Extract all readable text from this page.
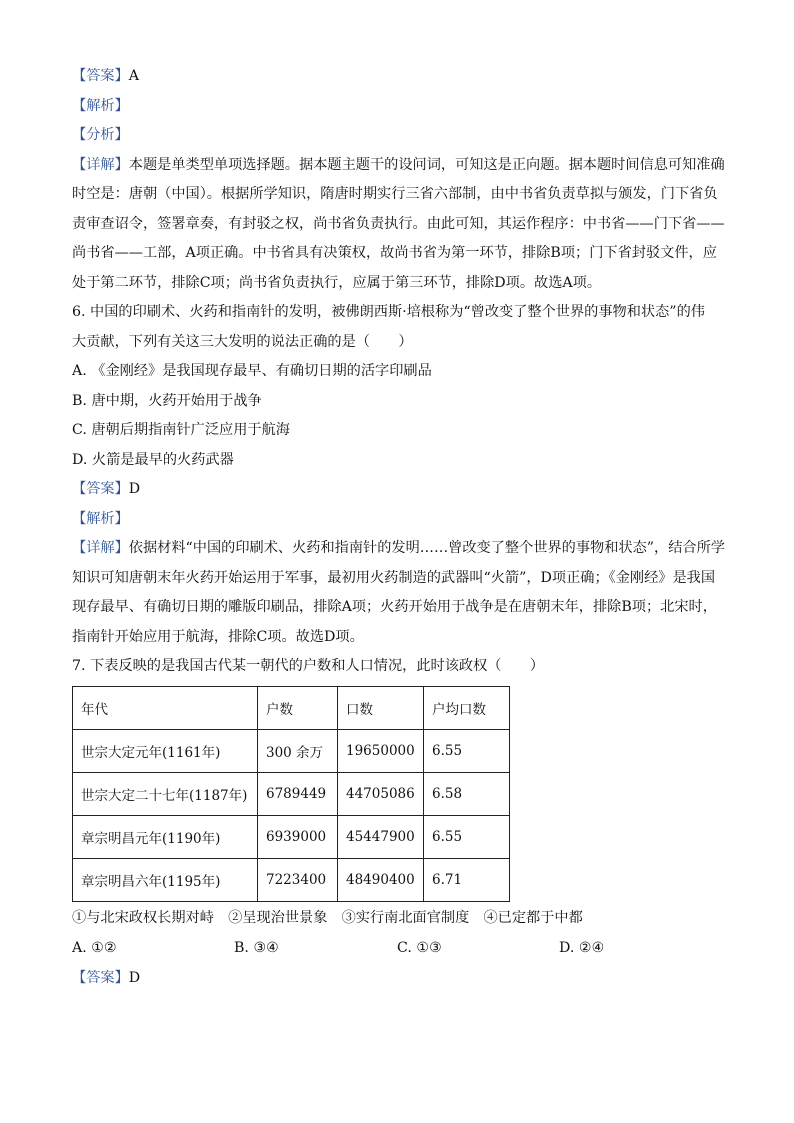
【答案】A
【解析】
【分析】
【详解】本题是单类型单项选择题。据本题主题干的设问词，可知这是正向题。据本题时间信息可知准确
时空是：唐朝（中国）。根据所学知识，隋唐时期实行三省六部制，由中书省负责草拟与颁发，门下省负
责审查诏令，签署章奏，有封驳之权，尚书省负责执行。由此可知，其运作程序：中书省——门下省——
尚书省——工部，A项正确。中书省具有决策权，故尚书省为第一环节，排除B项；门下省封驳文件，应
处于第二环节，排除C项；尚书省负责执行，应属于第三环节，排除D项。故选A项。
6. 中国的印刷术、火药和指南针的发明，被佛朗西斯·培根称为“曾改变了整个世界的事物和状态”的伟
大贡献，下列有关这三大发明的说法正确的是（　　）
A. 《金刚经》是我国现存最早、有确切日期的活字印刷品
B. 唐中期，火药开始用于战争
C. 唐朝后期指南针广泛应用于航海
D. 火箭是最早的火药武器
【答案】D
【解析】
【详解】依据材料“中国的印刷术、火药和指南针的发明……曾改变了整个世界的事物和状态”，结合所学
知识可知唐朝末年火药开始运用于军事，最初用火药制造的武器叫“火箭”，D项正确；《金刚经》是我国
现存最早、有确切日期的雕版印刷品，排除A项；火药开始用于战争是在唐朝末年，排除B项；北宋时，
指南针开始应用于航海，排除C项。故选D项。
7. 下表反映的是我国古代某一朝代的户数和人口情况，此时该政权（　　）
年代	户数	口数	户均口数
世宗大定元年(1161年)	300 余万	19650000	6.55
世宗大定二十七年(1187年)	6789449	44705086	6.58
章宗明昌元年(1190年)	6939000	45447900	6.55
章宗明昌六年(1195年)	7223400	48490400	6.71
①与北宋政权长期对峙　②呈现治世景象　③实行南北面官制度　④已定都于中都
A. ①②	B. ③④	C. ①③	D. ②④
【答案】D
